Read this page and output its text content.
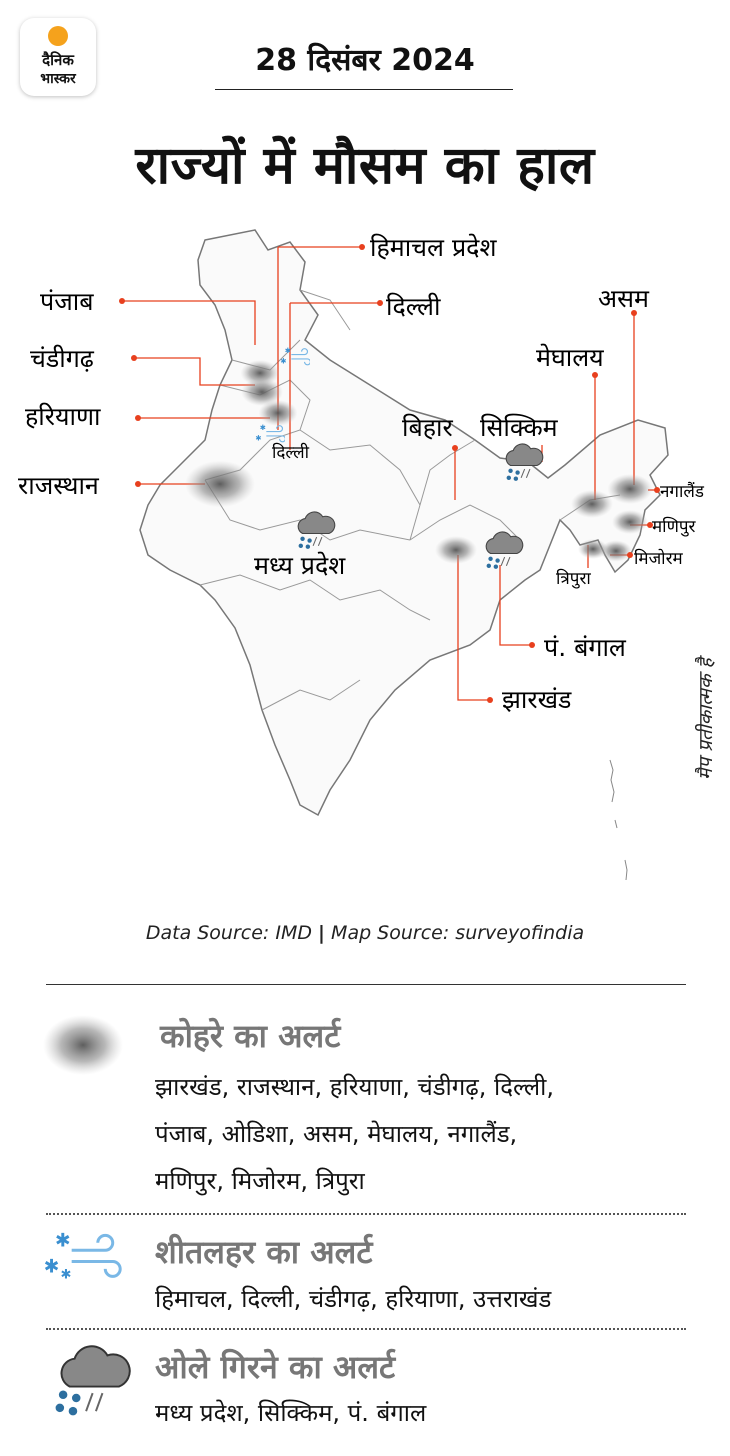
दैनिक
भास्कर
28 दिसंबर 2024
राज्यों में मौसम का हाल
हिमाचल प्रदेश
पंजाब	दिल्ली
चंडीगढ़
हरियाणा
दिल्ली
राजस्थान
मध्य प्रदेश
बिहार सिक्किम
असम
मेघालय
नगालैंड
मणिपुर
मिजोरम
त्रिपुरा
पं. बंगाल
झारखंड	मैप प्रतीकात्मक है
Data Source: IMD | Map Source: surveyofindia
कोहरे का अलर्ट
झारखंड, राजस्थान, हरियाणा, चंडीगढ़, दिल्ली,
पंजाब, ओडिशा, असम, मेघालय, नगालैंड,
मणिपुर, मिजोरम, त्रिपुरा
✱
✱ ✱
शीतलहर का अलर्ट
हिमाचल, दिल्ली, चंडीगढ़, हरियाणा, उत्तराखंड
ओले गिरने का अलर्ट
मध्य प्रदेश, सिक्किम, पं. बंगाल
